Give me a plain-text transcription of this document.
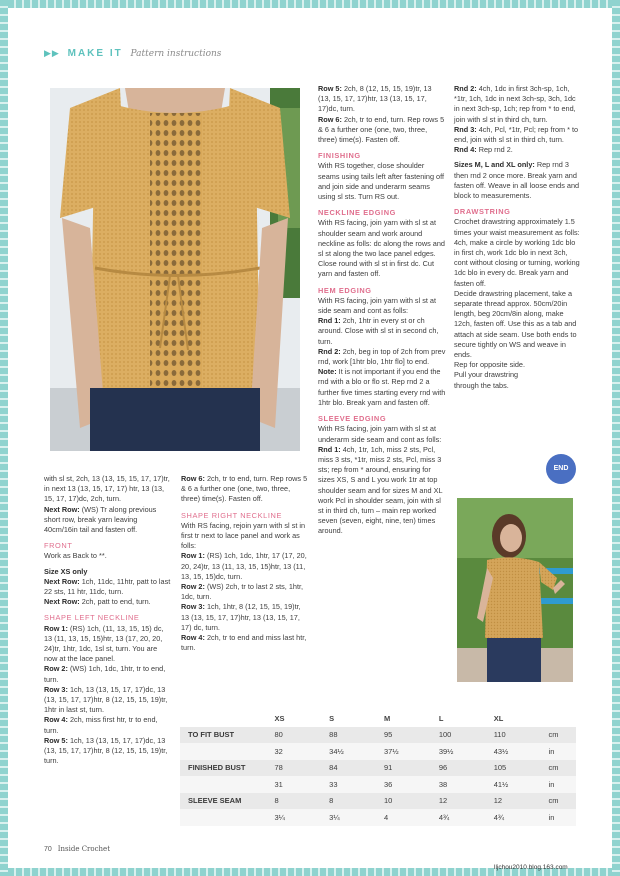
▶▶ MAKE IT Pattern instructions

with sl st, 2ch, 13 (13, 15, 15, 17, 17)tr, in next 13 (13, 15, 17, 17) htr, 13 (13, 15, 17, 17)dc, 2ch, turn.

Next Row: (WS) Tr along previous short row, break yarn leaving 40cm/16in tail and fasten off.

FRONT

Work as Back to **.

Size XS only

Next Row: 1ch, 11dc, 11htr, patt to last 22 sts, 11 htr, 11dc, turn.

Next Row: 2ch, patt to end, turn.

SHAPE LEFT NECKLINE

Row 1: (RS) 1ch, (11, 13, 15, 15) dc, 13 (11, 13, 15, 15)htr, 13 (17, 20, 20, 24)tr, 1htr, 1dc, 1sl st, turn. You are now at the lace panel.

Row 2: (WS) 1ch, 1dc, 1htr, tr to end, turn.

Row 3: 1ch, 13 (13, 15, 17, 17)dc, 13 (13, 15, 17, 17)htr, 8 (12, 15, 15, 19)tr, 1htr in last st, turn.

Row 4: 2ch, miss first htr, tr to end, turn.

Row 5: 1ch, 13 (13, 15, 17, 17)dc, 13 (13, 15, 17, 17)htr, 8 (12, 15, 15, 19)tr, turn.

Row 6: 2ch, tr to end, turn. Rep rows 5 & 6 a further one (one, two, three, three) time(s). Fasten off.

SHAPE RIGHT NECKLINE

With RS facing, rejoin yarn with sl st in first tr next to lace panel and work as folls:

Row 1: (RS) 1ch, 1dc, 1htr, 17 (17, 20, 20, 24)tr, 13 (11, 13, 15, 15)htr, 13 (11, 13, 15, 15)dc, turn.

Row 2: (WS) 2ch, tr to last 2 sts, 1htr, 1dc, turn.

Row 3: 1ch, 1htr, 8 (12, 15, 15, 19)tr, 13 (13, 15, 17, 17)htr, 13 (13, 15, 17, 17) dc, turn.

Row 4: 2ch, tr to end and miss last htr, turn.

Row 5: 2ch, 8 (12, 15, 15, 19)tr, 13 (13, 15, 17, 17)htr, 13 (13, 15, 17, 17)dc, turn.

Row 6: 2ch, tr to end, turn. Rep rows 5 & 6 a further one (one, two, three, three) time(s). Fasten off.

FINISHING

With RS together, close shoulder seams using tails left after fastening off and join side and underarm seams using sl sts. Turn RS out.

NECKLINE EDGING

With RS facing, join yarn with sl st at shoulder seam and work around neckline as folls: dc along the rows and sl st along the two lace panel edges. Close round with sl st in first dc. Cut yarn and fasten off.

HEM EDGING

With RS facing, join yarn with sl st at side seam and cont as folls:

Rnd 1: 2ch, 1htr in every st or ch around. Close with sl st in second ch, turn.

Rnd 2: 2ch, beg in top of 2ch from prev rnd, work [1htr blo, 1htr flo] to end.

Note: It is not important if you end the rnd with a blo or flo st. Rep rnd 2 a further five times starting every rnd with 1htr blo. Break yarn and fasten off.

SLEEVE EDGING

With RS facing, join yarn with sl st at underarm side seam and cont as folls:

Rnd 1: 4ch, 1tr, 1ch, miss 2 sts, Pcl, miss 3 sts, *1tr, miss 2 sts, Pcl, miss 3 sts; rep from * around, ensuring for sizes XS, S and L you work 1tr at top shoulder seam and for sizes M and XL work Pcl in shoulder seam, join with sl st in third ch, turn – main rep worked seven (seven, eight, nine, ten) times around.

Rnd 2: 4ch, 1dc in first 3ch-sp, 1ch, *1tr, 1ch, 1dc in next 3ch-sp, 3ch, 1dc in next 3ch-sp, 1ch; rep from * to end, join with sl st in third ch, turn.

Rnd 3: 4ch, Pcl, *1tr, Pcl; rep from * to end, join with sl st in third ch, turn.

Rnd 4: Rep rnd 2.

Sizes M, L and XL only: Rep rnd 3 then rnd 2 once more. Break yarn and fasten off. Weave in all loose ends and block to measurements.

DRAWSTRING

Crochet drawstring approximately 1.5 times your waist measurement as folls: 4ch, make a circle by working 1dc blo in first ch, work 1dc blo in next 3ch, cont without closing or turning, working 1dc blo in every dc. Break yarn and fasten off.

Decide drawstring placement, take a separate thread approx. 50cm/20in length, beg 20cm/8in along, make 12ch, fasten off. Use this as a tab and attach at side seam. Use both ends to secure tightly on WS and weave in ends.

Rep for opposite side.

Pull your drawstring through the tabs.

END
	XS	S	M	L	XL	
TO FIT BUST	80	88	95	100	110	cm
	32	34½	37½	39½	43½	in
FINISHED BUST	78	84	91	96	105	cm
	31	33	36	38	41½	in
SLEEVE SEAM	8	8	10	12	12	cm
	3¼	3¼	4	4¾	4¾	in
70 Inside Crochet
lljchou2010.blog.163.com
